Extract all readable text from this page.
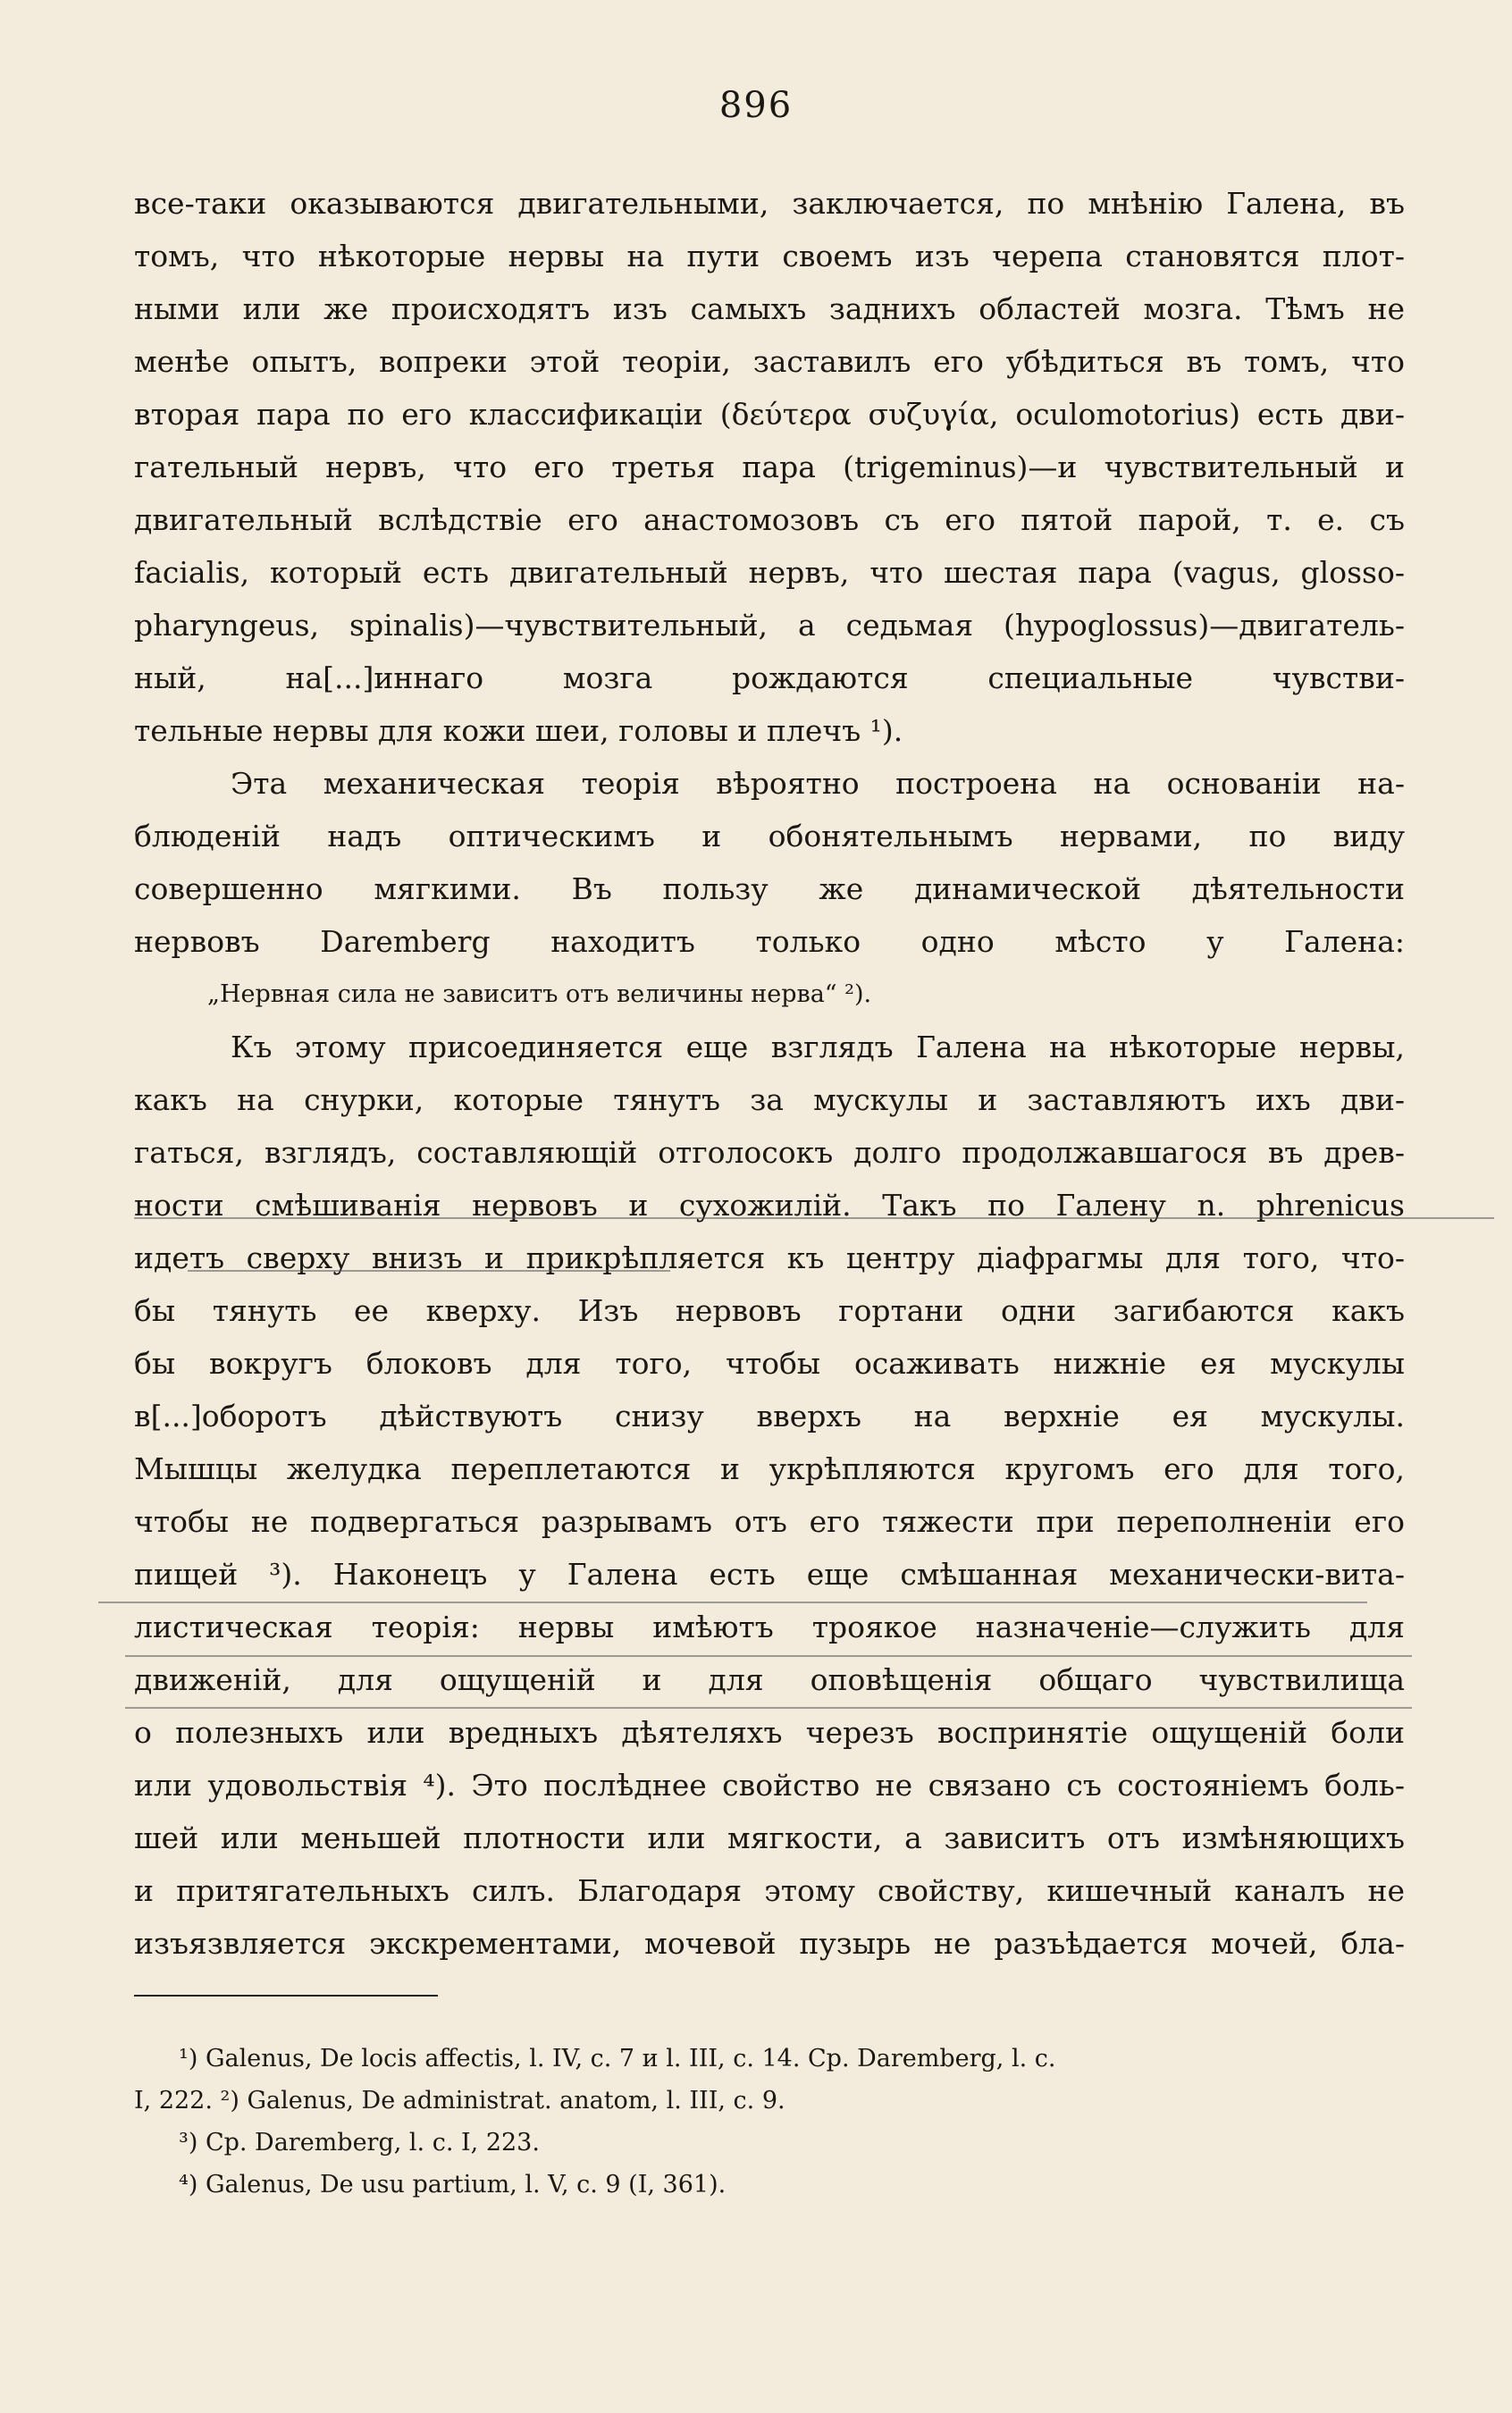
896
все-таки оказываются двигательными, заключается, по мнѣнію Галена, въ
томъ, что нѣкоторые нервы на пути своемъ изъ черепа становятся плот-
ными или же происходятъ изъ самыхъ заднихъ областей мозга. Тѣмъ не
менѣе опытъ, вопреки этой теоріи, заставилъ его убѣдиться въ томъ, что
вторая пара по его классификаціи (δεύτερα συζυγία, oculomotorius) есть дви-
гательный нервъ, что его третья пара (trigeminus)—и чувствительный и
двигательный вслѣдствіе его анастомозовъ съ его пятой парой, т. е. съ
facialis, который есть двигательный нервъ, что шестая пара (vagus, glosso-
pharyngeus, spinalis)—чувствительный, а седьмая (hypoglossus)—двигатель-
ный, на[...]иннаго мозга рождаются специальные чувстви-
тельные нервы для кожи шеи, головы и плечъ ¹).
Эта механическая теорія вѣроятно построена на основаніи на-
блюденій надъ оптическимъ и обонятельнымъ нервами, по виду
совершенно мягкими. Въ пользу же динамической дѣятельности
нервовъ Daremberg находитъ только одно мѣсто у Галена:
„Нервная сила не зависитъ отъ величины нерва“ ²).
Къ этому присоединяется еще взглядъ Галена на нѣкоторые нервы,
какъ на снурки, которые тянутъ за мускулы и заставляютъ ихъ дви-
гаться, взглядъ, составляющій отголосокъ долго продолжавшагося въ древ-
ности смѣшиванія нервовъ и сухожилій. Такъ по Галену n. phrenicus
идетъ сверху внизъ и прикрѣпляется къ центру діафрагмы для того, что-
бы тянуть ее кверху. Изъ нервовъ гортани одни загибаются какъ
бы вокругъ блоковъ для того, чтобы осаживать нижніе ея мускулы
в[...]оборотъ дѣйствуютъ снизу вверхъ на верхніе ея мускулы.
Мышцы желудка переплетаются и укрѣпляются кругомъ его для того,
чтобы не подвергаться разрывамъ отъ его тяжести при переполненіи его
пищей ³). Наконецъ у Галена есть еще смѣшанная механически-вита-
листическая теорія: нервы имѣютъ троякое назначеніе—служить для
движеній, для ощущеній и для оповѣщенія общаго чувствилища
о полезныхъ или вредныхъ дѣятеляхъ черезъ воспринятіе ощущеній боли
или удовольствія ⁴). Это послѣднее свойство не связано съ состояніемъ боль-
шей или меньшей плотности или мягкости, а зависитъ отъ измѣняющихъ
и притягательныхъ силъ. Благодаря этому свойству, кишечный каналъ не
изъязвляется экскрементами, мочевой пузырь не разъѣдается мочей, бла-
¹) Galenus, De locis affectis, l. IV, c. 7 и l. III, c. 14. Cp. Daremberg, l. c.
I, 222. ²) Galenus, De administrat. anatom, l. III, c. 9.
³) Cp. Daremberg, l. c. I, 223.
⁴) Galenus, De usu partium, l. V, c. 9 (I, 361).
